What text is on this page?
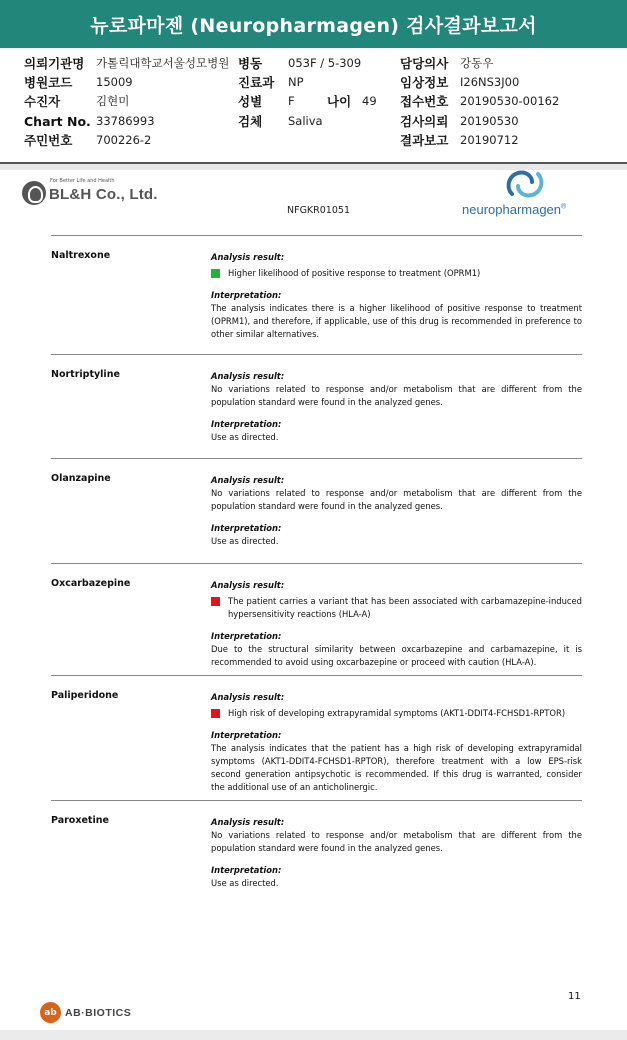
뉴로파마젠 (Neuropharmagen) 검사결과보고서
의뢰기관명 가톨릭대학교서울성모병원 병동 053F / 5-309	담당의사 강동우
병원코드 15009	진료과 NP	임상정보 I26NS3J00
수진자	김현미	성별 F	나이 49 접수번호 20190530-00162
Chart No. 33786993	검체 Saliva	검사의뢰 20190530
주민번호 700226-2	결과보고 20190712
For Better Life and Health
BL&H Co., Ltd.
neuropharmagen®
NFGKR01051
Naltrexone	Analysis result:
Higher likelihood of positive response to treatment (OPRM1)
Interpretation:
The analysis indicates there is a higher likelihood of positive response to treatment (OPRM1), and therefore, if applicable, use of this drug is recommended in preference to other similar alternatives.
Nortriptyline	Analysis result:
No variations related to response and/or metabolism that are different from the population standard were found in the analyzed genes.
Interpretation:
Use as directed.
Olanzapine	Analysis result:
No variations related to response and/or metabolism that are different from the population standard were found in the analyzed genes.
Interpretation:
Use as directed.
Oxcarbazepine	Analysis result:
The patient carries a variant that has been associated with carbamazepine-induced hypersensitivity reactions (HLA-A)
Interpretation:
Due to the structural similarity between oxcarbazepine and carbamazepine, it is recommended to avoid using oxcarbazepine or proceed with caution (HLA-A).
Paliperidone	Analysis result:
High risk of developing extrapyramidal symptoms (AKT1-DDIT4-FCHSD1-RPTOR)
Interpretation:
The analysis indicates that the patient has a high risk of developing extrapyramidal symptoms (AKT1-DDIT4-FCHSD1-RPTOR), therefore treatment with a low EPS-risk second generation antipsychotic is recommended. If this drug is warranted, consider the additional use of an anticholinergic.
Paroxetine	Analysis result:
No variations related to response and/or metabolism that are different from the population standard were found in the analyzed genes.
Interpretation:
Use as directed.
11
ab AB·BIOTICS
